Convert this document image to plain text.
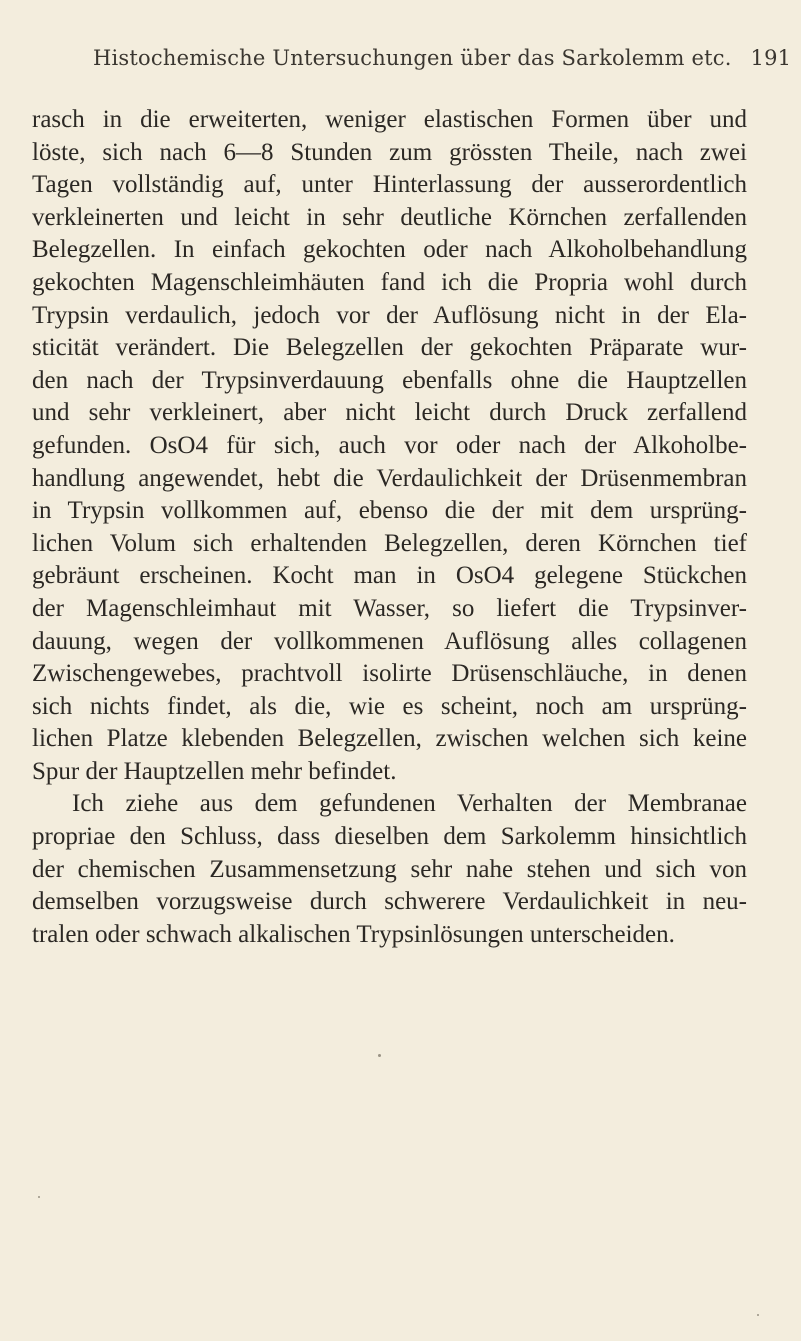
Histochemische Untersuchungen über das Sarkolemm etc. 191
rasch in die erweiterten, weniger elastischen Formen über und
löste, sich nach 6—8 Stunden zum grössten Theile, nach zwei
Tagen vollständig auf, unter Hinterlassung der ausserordentlich
verkleinerten und leicht in sehr deutliche Körnchen zerfallenden
Belegzellen. In einfach gekochten oder nach Alkoholbehandlung
gekochten Magenschleimhäuten fand ich die Propria wohl durch
Trypsin verdaulich, jedoch vor der Auflösung nicht in der Ela-
sticität verändert. Die Belegzellen der gekochten Präparate wur-
den nach der Trypsinverdauung ebenfalls ohne die Hauptzellen
und sehr verkleinert, aber nicht leicht durch Druck zerfallend
gefunden. OsO4 für sich, auch vor oder nach der Alkoholbe-
handlung angewendet, hebt die Verdaulichkeit der Drüsenmembran
in Trypsin vollkommen auf, ebenso die der mit dem ursprüng-
lichen Volum sich erhaltenden Belegzellen, deren Körnchen tief
gebräunt erscheinen. Kocht man in OsO4 gelegene Stückchen
der Magenschleimhaut mit Wasser, so liefert die Trypsinver-
dauung, wegen der vollkommenen Auflösung alles collagenen
Zwischengewebes, prachtvoll isolirte Drüsenschläuche, in denen
sich nichts findet, als die, wie es scheint, noch am ursprüng-
lichen Platze klebenden Belegzellen, zwischen welchen sich keine
Spur der Hauptzellen mehr befindet.
Ich ziehe aus dem gefundenen Verhalten der Membranae
propriae den Schluss, dass dieselben dem Sarkolemm hinsichtlich
der chemischen Zusammensetzung sehr nahe stehen und sich von
demselben vorzugsweise durch schwerere Verdaulichkeit in neu-
tralen oder schwach alkalischen Trypsinlösungen unterscheiden.
